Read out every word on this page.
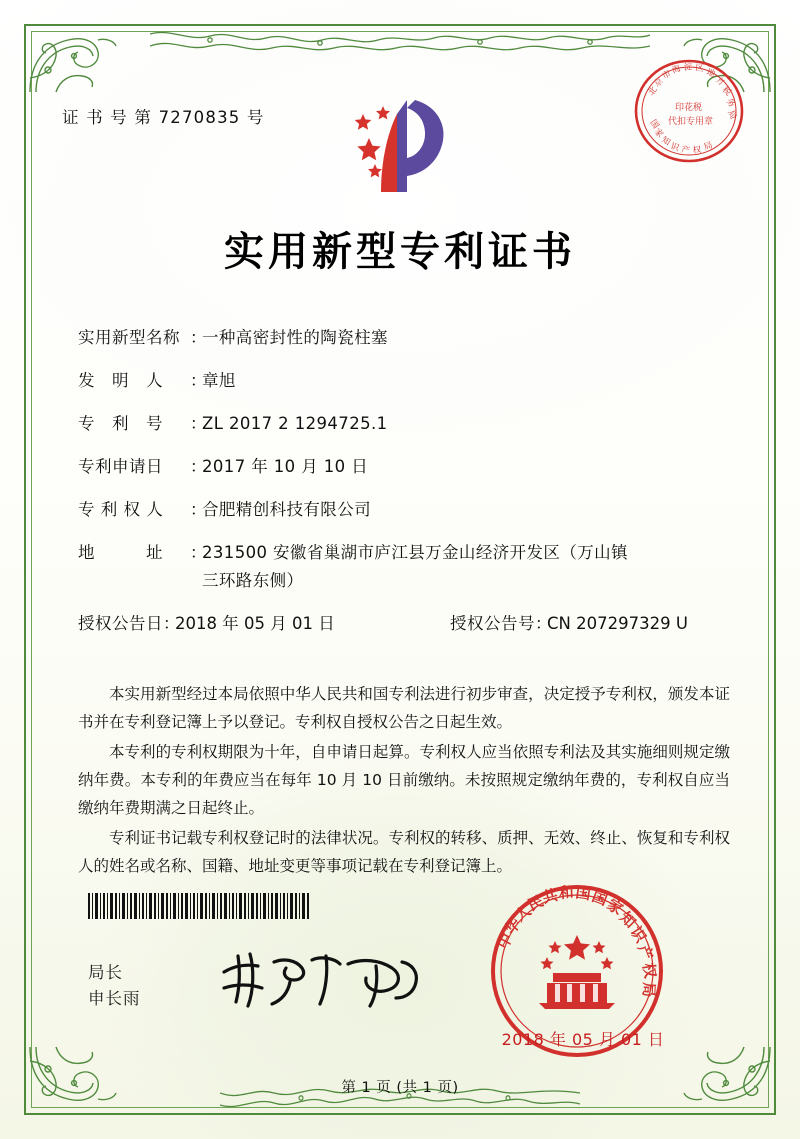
证 书 号 第 7270835 号
北
京
市
海 淀 区 地
方
税
务
局
印花税
代扣专用章
国
家
知
识 产 权 局
实用新型专利证书
实用新型名称 ：
一种高密封性的陶瓷柱塞
发　明　人	：
章旭
专　利　号	：
ZL 2017 2 1294725.1
专利申请日	：
2017 年 10 月 10 日
专 利 权 人	：
合肥精创科技有限公司
地　　　址	：
231500 安徽省巢湖市庐江县万金山经济开发区（万山镇
三环路东侧）
授权公告日 ：
2018 年 05 月 01 日	授权公告号 ：
CN 207297329 U

本实用新型经过本局依照中华人民共和国专利法进行初步审查，决定授予专利权，颁发本证书并在专利登记簿上予以登记。专利权自授权公告之日起生效。

本专利的专利权期限为十年，自申请日起算。专利权人应当依照专利法及其实施细则规定缴纳年费。本专利的年费应当在每年 10 月 10 日前缴纳。未按照规定缴纳年费的，专利权自应当缴纳年费期满之日起终止。

专利证书记载专利权登记时的法律状况。专利权的转移、质押、无效、终止、恢复和专利权人的姓名或名称、国籍、地址变更等事项记载在专利登记簿上。

局长
申长雨
中
华
人
民
共
和 国
国
家
知
识
产
权
局
2018 年 05 月 01 日
第 1 页 (共 1 页)
